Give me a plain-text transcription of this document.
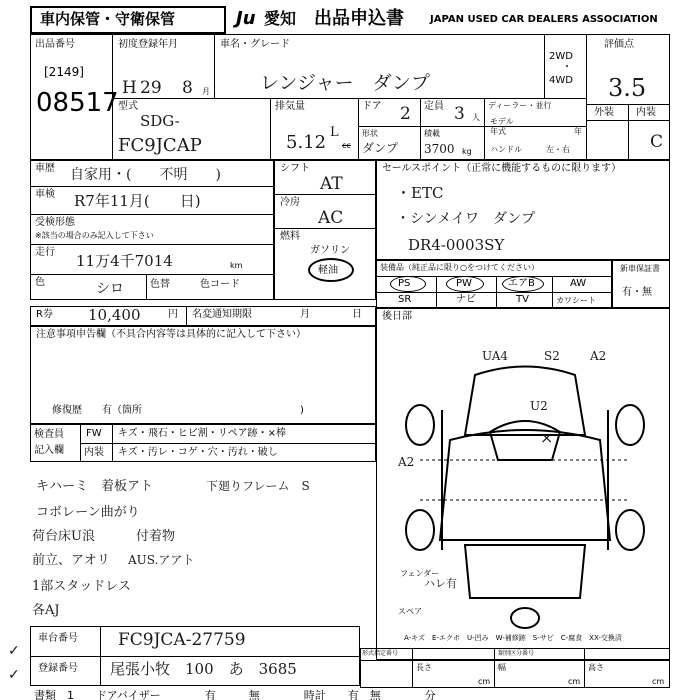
車内保管・守衛保管	Ju 愛知 出品申込書	JAPAN USED CAR DEALERS ASSOCIATION
出品番号
[2149]
08517
初度登録年月
H 29 8 月
車名・グレード
レンジャー　ダンプ
2WD
・
4WD
評価点
3.5
外装 内装
C
型式
SDG-
FC9JCAP
排気量
5.12 L
cc
ドア 2 定員 3 人
ディーラー・並行
モデル
年式	年
形状
ダンプ
積載
3700 kg ハンドル	左・右
車歴 自家用・(　　不明　　)
車検 R7年11月(　　日)
受検形態
※該当の場合のみ記入して下さい
走行 11万4千7014	km
色	シロ	色替	色コード
シフト
AT
冷房
AC
燃料
ガソリン
軽油
セールスポイント（正常に機能するものに限ります）
・ETC
・シンメイワ　ダンプ
DR4-0003SY
装備品（純正品に限り○をつけてください）
PS	PW	エアB	AW
SR	ナビ	TV	カワシート
新車保証書
有・無
R券 10,400	円 名変通知期限	月	日 後日部
注意事項申告欄（不具合内容等は具体的に記入して下さい）
修復歴　　有（箇所	)
検査員
記入欄
FW キズ・飛石・ヒビ割・リペア跡・×棒
内装 キズ・汚レ・コゲ・穴・汚れ・破し
キハーミ　着板アト	下廻りフレーム　S
コボレーン曲がり
荷台床U浪	付着物
前立、アオリ AUS.アアト
1部スタッドレス
各AJ
UA4	S2	A2
U2
×
A2
フェンダー
ハレ有
スペア
A-キズ　E-エクボ　U-凹み　W-補修跡　S-サビ　C-腐食　XX-交換済
車台番号 FC9JCA-27759
登録番号 尾張小牧　100　あ　3685
✓
✓
形式指定番号	類別区分番号
長さ	幅	高さ
cm	cm	cm
書類　1　　ドアバイザー　　　　有　　　無　　　　時計　　有　無　　　　分
